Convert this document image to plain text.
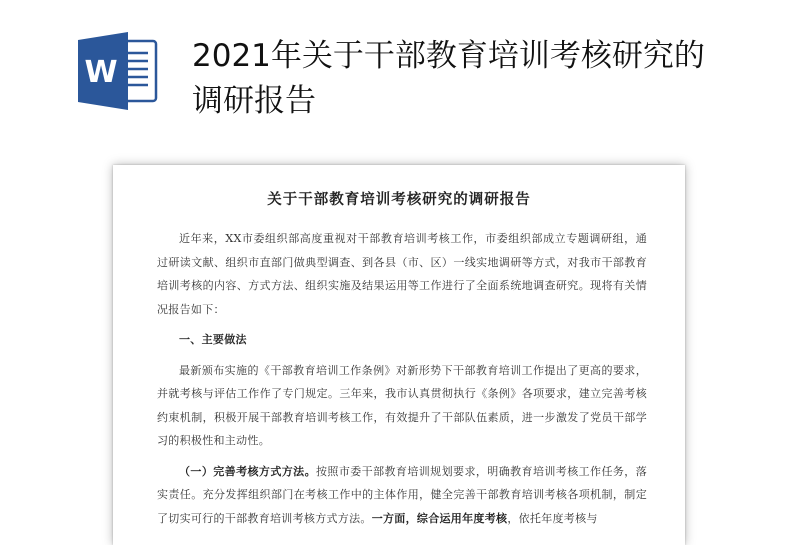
W 2021年关于干部教育培训考核研究的调研报告
关于干部教育培训考核研究的调研报告

近年来，XX市委组织部高度重视对干部教育培训考核工作，市委组织部成立专题调研组，通过研读文献、组织市直部门做典型调查、到各县（市、区）一线实地调研等方式，对我市干部教育培训考核的内容、方式方法、组织实施及结果运用等工作进行了全面系统地调查研究。现将有关情况报告如下：

一、主要做法

最新颁布实施的《干部教育培训工作条例》对新形势下干部教育培训工作提出了更高的要求，并就考核与评估工作作了专门规定。三年来，我市认真贯彻执行《条例》各项要求，建立完善考核约束机制，积极开展干部教育培训考核工作，有效提升了干部队伍素质，进一步激发了党员干部学习的积极性和主动性。

（一）完善考核方式方法。按照市委干部教育培训规划要求，明确教育培训考核工作任务，落实责任。充分发挥组织部门在考核工作中的主体作用，健全完善干部教育培训考核各项机制，制定了切实可行的干部教育培训考核方式方法。一方面，综合运用年度考核，依托年度考核与
